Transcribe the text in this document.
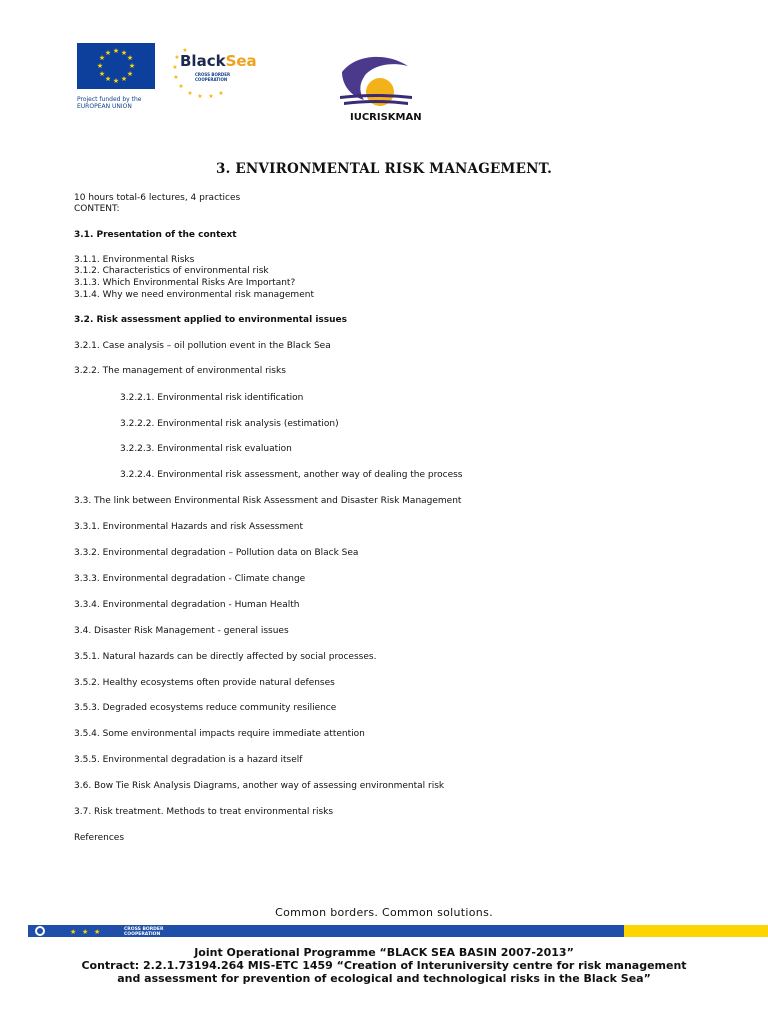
★ ★
★
★
★
★
★
★
★
★
★
★
Project funded by the
EUROPEAN UNION
★
★
★
★
★ ★ ★ ★
★
BlackSea
CROSS BORDER
COOPERATION
IUCRISKMAN
3. ENVIRONMENTAL RISK MANAGEMENT.
10 hours total-6 lectures, 4 practices
CONTENT:
3.1. Presentation of the context
3.1.1. Environmental Risks
3.1.2. Characteristics of environmental risk
3.1.3. Which Environmental Risks Are Important?
3.1.4. Why we need environmental risk management
3.2. Risk assessment applied to environmental issues
3.2.1. Case analysis – oil pollution event in the Black Sea
3.2.2. The management of environmental risks
3.2.2.1. Environmental risk identification
3.2.2.2. Environmental risk analysis (estimation)
3.2.2.3. Environmental risk evaluation
3.2.2.4. Environmental risk assessment, another way of dealing the process
3.3. The link between Environmental Risk Assessment and Disaster Risk Management
3.3.1. Environmental Hazards and risk Assessment
3.3.2. Environmental degradation – Pollution data on Black Sea
3.3.3. Environmental degradation - Climate change
3.3.4. Environmental degradation - Human Health
3.4. Disaster Risk Management - general issues
3.5.1. Natural hazards can be directly affected by social processes.
3.5.2. Healthy ecosystems often provide natural defenses
3.5.3. Degraded ecosystems reduce community resilience
3.5.4. Some environmental impacts require immediate attention
3.5.5. Environmental degradation is a hazard itself
3.6. Bow Tie Risk Analysis Diagrams, another way of assessing environmental risk
3.7. Risk treatment. Methods to treat environmental risks
References
Common borders. Common solutions.
★ ★ ★	CROSS BORDER
COOPERATION
Joint Operational Programme “BLACK SEA BASIN 2007-2013”
Contract: 2.2.1.73194.264 MIS-ETC 1459 “Creation of Interuniversity centre for risk management
and assessment for prevention of ecological and technological risks in the Black Sea”
